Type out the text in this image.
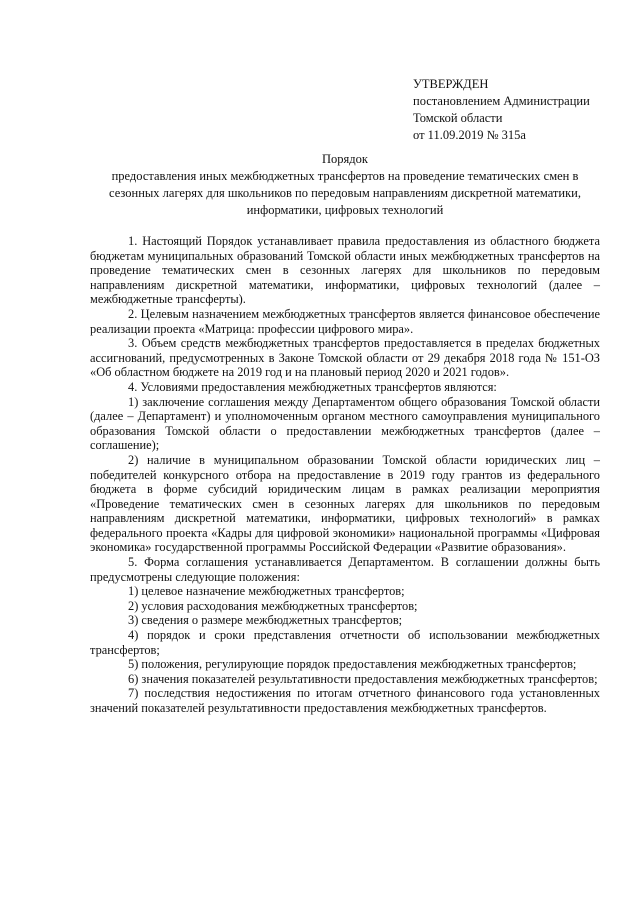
УТВЕРЖДЕН
постановлением Администрации
Томской области
от 11.09.2019 № 315а
Порядок
предоставления иных межбюджетных трансфертов на проведение тематических смен в сезонных лагерях для школьников по передовым направлениям дискретной математики, информатики, цифровых технологий

1. Настоящий Порядок устанавливает правила предоставления из областного бюджета бюджетам муниципальных образований Томской области иных межбюджетных трансфертов на проведение тематических смен в сезонных лагерях для школьников по передовым направлениям дискретной математики, информатики, цифровых технологий (далее – межбюджетные трансферты).

2. Целевым назначением межбюджетных трансфертов является финансовое обеспечение реализации проекта «Матрица: профессии цифрового мира».

3. Объем средств межбюджетных трансфертов предоставляется в пределах бюджетных ассигнований, предусмотренных в Законе Томской области от 29 декабря 2018 года № 151-ОЗ «Об областном бюджете на 2019 год и на плановый период 2020 и 2021 годов».

4. Условиями предоставления межбюджетных трансфертов являются:

1) заключение соглашения между Департаментом общего образования Томской области (далее – Департамент) и уполномоченным органом местного самоуправления муниципального образования Томской области о предоставлении межбюджетных трансфертов (далее – соглашение);

2) наличие в муниципальном образовании Томской области юридических лиц – победителей конкурсного отбора на предоставление в 2019 году грантов из федерального бюджета в форме субсидий юридическим лицам в рамках реализации мероприятия «Проведение тематических смен в сезонных лагерях для школьников по передовым направлениям дискретной математики, информатики, цифровых технологий» в рамках федерального проекта «Кадры для цифровой экономики» национальной программы «Цифровая экономика» государственной программы Российской Федерации «Развитие образования».

5. Форма соглашения устанавливается Департаментом. В соглашении должны быть предусмотрены следующие положения:

1) целевое назначение межбюджетных трансфертов;

2) условия расходования межбюджетных трансфертов;

3) сведения о размере межбюджетных трансфертов;

4) порядок и сроки представления отчетности об использовании межбюджетных трансфертов;

5) положения, регулирующие порядок предоставления межбюджетных трансфертов;

6) значения показателей результативности предоставления межбюджетных трансфертов;

7) последствия недостижения по итогам отчетного финансового года установленных значений показателей результативности предоставления межбюджетных трансфертов.
